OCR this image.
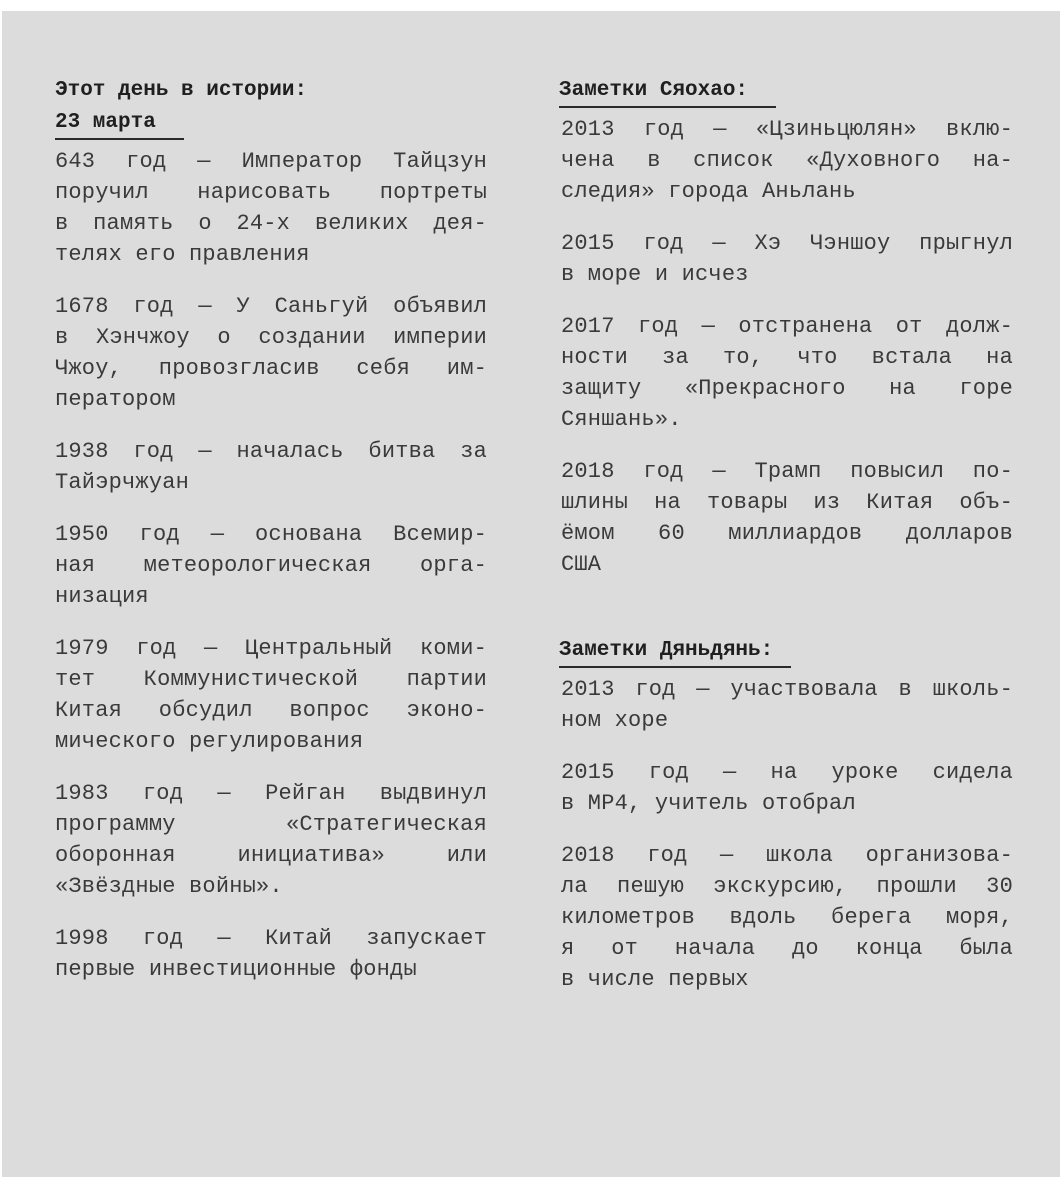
Этот день в истории:
23 марта
643 год — Император Тайцзун
поручил нарисовать портреты
в память о 24-х великих дея-
телях его правления
1678 год — У Саньгуй объявил
в Хэнчжоу о создании империи
Чжоу, провозгласив себя им-
ператором
1938 год — началась битва за
Тайэрчжуан
1950 год — основана Всемир-
ная метеорологическая орга-
низация
1979 год — Центральный коми-
тет Коммунистической партии
Китая обсудил вопрос эконо-
мического регулирования
1983 год — Рейган выдвинул
программу «Стратегическая
оборонная инициатива» или
«Звёздные войны».
1998 год — Китай запускает
первые инвестиционные фонды
Заметки Сяохао:
2013 год — «Цзиньцюлян» вклю-
чена в список «Духовного на-
следия» города Аньлань
2015 год — Хэ Чэншоу прыгнул
в море и исчез
2017 год — отстранена от долж-
ности за то, что встала на
защиту «Прекрасного на горе
Сяншань».
2018 год — Трамп повысил по-
шлины на товары из Китая объ-
ёмом 60 миллиардов долларов
США
Заметки Дяньдянь:
2013 год — участвовала в школь-
ном хоре
2015 год — на уроке сидела
в MP4, учитель отобрал
2018 год — школа организова-
ла пешую экскурсию, прошли 30
километров вдоль берега моря,
я от начала до конца была
в числе первых
